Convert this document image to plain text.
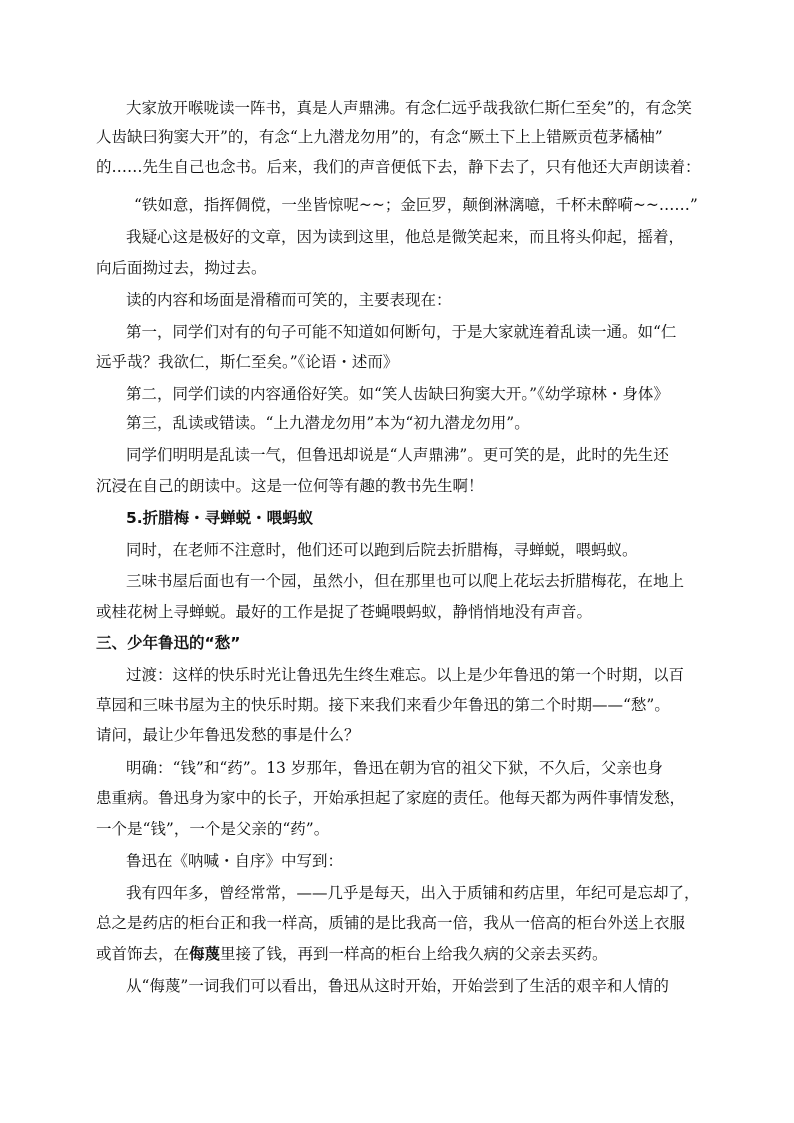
大家放开喉咙读一阵书，真是人声鼎沸。有念仁远乎哉我欲仁斯仁至矣”的，有念笑
人齿缺曰狗窦大开”的，有念“上九潜龙勿用”的，有念“厥土下上上错厥贡苞茅橘柚”
的……先生自己也念书。后来，我们的声音便低下去，静下去了，只有他还大声朗读着：
“铁如意，指挥倜傥，一坐皆惊呢~~；金叵罗，颠倒淋漓噫，千杯未醉嗬~~……”
我疑心这是极好的文章，因为读到这里，他总是微笑起来，而且将头仰起，摇着，
向后面拗过去，拗过去。
读的内容和场面是滑稽而可笑的，主要表现在：
第一，同学们对有的句子可能不知道如何断句，于是大家就连着乱读一通。如“仁
远乎哉？我欲仁，斯仁至矣。”《论语・述而》
第二，同学们读的内容通俗好笑。如“笑人齿缺曰狗窦大开。”《幼学琼林・身体》
第三，乱读或错读。“上九潜龙勿用”本为“初九潜龙勿用”。
同学们明明是乱读一气，但鲁迅却说是“人声鼎沸”。更可笑的是，此时的先生还
沉浸在自己的朗读中。这是一位何等有趣的教书先生啊！
5.折腊梅・寻蝉蜕・喂蚂蚁
同时，在老师不注意时，他们还可以跑到后院去折腊梅，寻蝉蜕，喂蚂蚁。
三味书屋后面也有一个园，虽然小，但在那里也可以爬上花坛去折腊梅花，在地上
或桂花树上寻蝉蜕。最好的工作是捉了苍蝇喂蚂蚁，静悄悄地没有声音。
三、少年鲁迅的“愁”
过渡：这样的快乐时光让鲁迅先生终生难忘。以上是少年鲁迅的第一个时期，以百
草园和三味书屋为主的快乐时期。接下来我们来看少年鲁迅的第二个时期——“愁”。
请问，最让少年鲁迅发愁的事是什么？
明确：“钱”和“药”。13 岁那年，鲁迅在朝为官的祖父下狱，不久后，父亲也身
患重病。鲁迅身为家中的长子，开始承担起了家庭的责任。他每天都为两件事情发愁，
一个是“钱”，一个是父亲的“药”。
鲁迅在《呐喊・自序》中写到：
我有四年多，曾经常常，——几乎是每天，出入于质铺和药店里，年纪可是忘却了，
总之是药店的柜台正和我一样高，质铺的是比我高一倍，我从一倍高的柜台外送上衣服
或首饰去，在侮蔑里接了钱，再到一样高的柜台上给我久病的父亲去买药。
从“侮蔑”一词我们可以看出，鲁迅从这时开始，开始尝到了生活的艰辛和人情的
